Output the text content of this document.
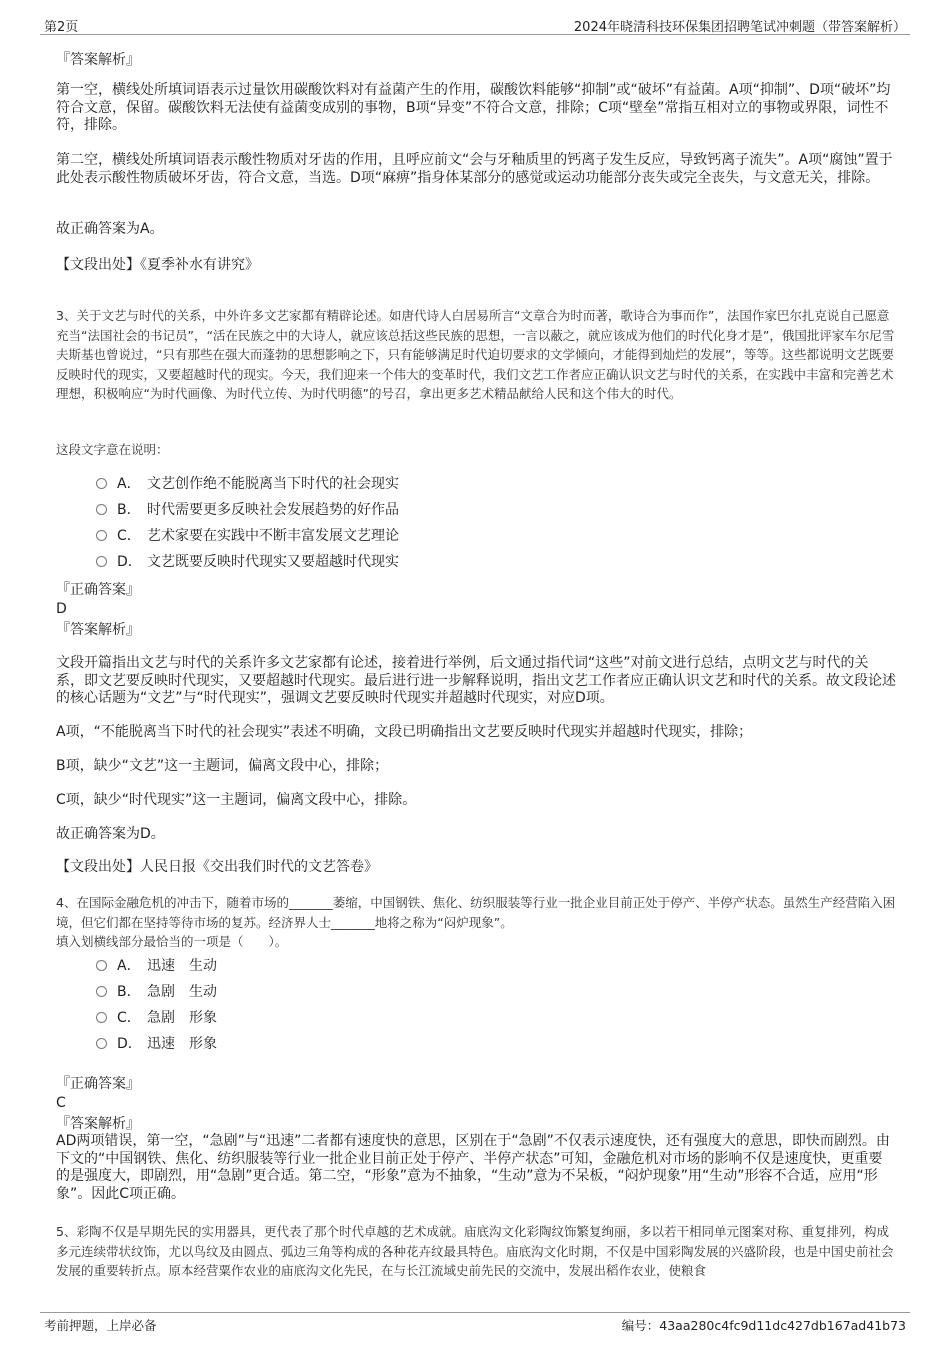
第2页	2024年晓清科技环保集团招聘笔试冲刺题（带答案解析）

『答案解析』

第一空，横线处所填词语表示过量饮用碳酸饮料对有益菌产生的作用，碳酸饮料能够“抑制”或“破坏”有益菌。A项“抑制”、D项“破坏”均符合文意，保留。碳酸饮料无法使有益菌变成别的事物，B项“异变”不符合文意，排除；C项“壁垒”常指互相对立的事物或界限，词性不符，排除。

第二空，横线处所填词语表示酸性物质对牙齿的作用，且呼应前文“会与牙釉质里的钙离子发生反应，导致钙离子流失”。A项“腐蚀”置于此处表示酸性物质破坏牙齿，符合文意，当选。D项“麻痹”指身体某部分的感觉或运动功能部分丧失或完全丧失，与文意无关，排除。

故正确答案为A。

【文段出处】《夏季补水有讲究》

3、关于文艺与时代的关系，中外许多文艺家都有精辟论述。如唐代诗人白居易所言“文章合为时而著，歌诗合为事而作”，法国作家巴尔扎克说自己愿意充当“法国社会的书记员”，“活在民族之中的大诗人，就应该总括这些民族的思想，一言以蔽之，就应该成为他们的时代化身才是”，俄国批评家车尔尼雪夫斯基也曾说过，“只有那些在强大而蓬勃的思想影响之下，只有能够满足时代迫切要求的文学倾向，才能得到灿烂的发展”，等等。这些都说明文艺既要反映时代的现实，又要超越时代的现实。今天，我们迎来一个伟大的变革时代，我们文艺工作者应正确认识文艺与时代的关系，在实践中丰富和完善艺术理想，积极响应“为时代画像、为时代立传、为时代明德”的号召，拿出更多艺术精品献给人民和这个伟大的时代。

这段文字意在说明：

A． 文艺创作绝不能脱离当下时代的社会现实
B． 时代需要更多反映社会发展趋势的好作品
C． 艺术家要在实践中不断丰富发展文艺理论
D． 文艺既要反映时代现实又要超越时代现实

『正确答案』

D

『答案解析』

文段开篇指出文艺与时代的关系许多文艺家都有论述，接着进行举例，后文通过指代词“这些”对前文进行总结，点明文艺与时代的关系，即文艺要反映时代现实，又要超越时代现实。最后进行进一步解释说明，指出文艺工作者应正确认识文艺和时代的关系。故文段论述的核心话题为“文艺”与“时代现实”，强调文艺要反映时代现实并超越时代现实，对应D项。

A项，“不能脱离当下时代的社会现实”表述不明确，文段已明确指出文艺要反映时代现实并超越时代现实，排除；

B项，缺少“文艺”这一主题词，偏离文段中心，排除；

C项，缺少“时代现实”这一主题词，偏离文段中心，排除。

故正确答案为D。

【文段出处】人民日报《交出我们时代的文艺答卷》

4、在国际金融危机的冲击下，随着市场的_______萎缩，中国钢铁、焦化、纺织服装等行业一批企业目前正处于停产、半停产状态。虽然生产经营陷入困境，但它们都在坚持等待市场的复苏。经济界人士_______地将之称为“闷炉现象”。

填入划横线部分最恰当的一项是（　　）。

A． 迅速 生动
B． 急剧 生动
C． 急剧 形象
D． 迅速 形象

『正确答案』

C

『答案解析』

AD两项错误，第一空，“急剧”与“迅速”二者都有速度快的意思，区别在于“急剧”不仅表示速度快，还有强度大的意思，即快而剧烈。由下文的“中国钢铁、焦化、纺织服装等行业一批企业目前正处于停产、半停产状态”可知，金融危机对市场的影响不仅是速度快，更重要的是强度大，即剧烈，用“急剧”更合适。第二空，“形象”意为不抽象，“生动”意为不呆板，“闷炉现象”用“生动”形容不合适，应用“形象”。因此C项正确。

5、彩陶不仅是早期先民的实用器具，更代表了那个时代卓越的艺术成就。庙底沟文化彩陶纹饰繁复绚丽，多以若干相同单元图案对称、重复排列，构成多元连续带状纹饰，尤以鸟纹及由圆点、弧边三角等构成的各种花卉纹最具特色。庙底沟文化时期，不仅是中国彩陶发展的兴盛阶段，也是中国史前社会发展的重要转折点。原本经营粟作农业的庙底沟文化先民，在与长江流域史前先民的交流中，发展出稻作农业，使粮食

考前押题，上岸必备	编号：43aa280c4fc9d11dc427db167ad41b73
